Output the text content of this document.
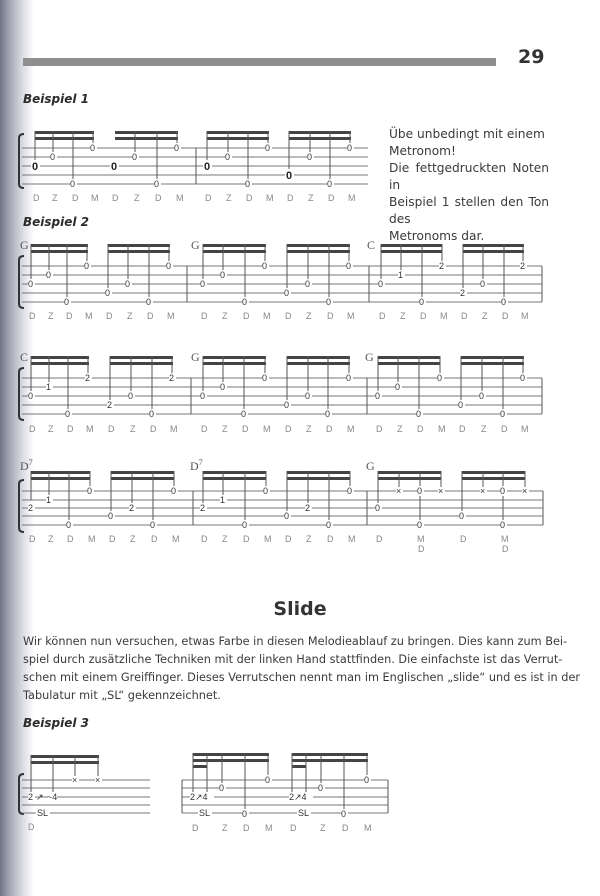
29
Beispiel 1
0
0
0
0
0
0
0
0
0
0
0
0
0
0
0
0
D Z D M D Z D M D Z D M D Z D M
Übe unbedingt mit einem
Metronom!
Die fettgedruckten Noten in
Beispiel 1 stellen den Ton des
Metronoms dar.
Beispiel 2
G	G	C
0
0
0
0
0
0
0
0
0
0
0
0
0
0
0
0
0
1
0
2
2
0
0
2
D Z D M D Z D M	D Z D M D Z D M	D Z D M D Z D M
C	G	G
0
1
0
2
2
0
0
2
0
0
0
0
0
0
0
0
0
0
0
0
0
0
0
0
D Z D M D Z D M	D Z D M D Z D M D Z D M D Z D M
$D^7$	$D^7$	G
2
1
0
0
0
2
0
0
2
1
0
0
0
2
0
0
0
× 0 ×
0
× 0 ×
0	0
D Z D M D Z D M D Z D M D Z D M D	M
D
D	M
D
Slide
Wir können nun versuchen, etwas Farbe in diesen Melodieablauf zu bringen. Dies kann zum Bei-
spiel durch zusätzliche Techniken mit der linken Hand stattfinden. Die einfachste ist das Verrut-
schen mit einem Greiffinger. Dieses Verrutschen nennt man im Englischen „slide“ und es ist in der
Tabulatur mit „SL“ gekennzeichnet.
Beispiel 3
2 ↗ ~4
× ×
SL
D
2↗4
0
0
0
SL
2↗4
0
0
0
SL
D	Z D M D	Z D M
